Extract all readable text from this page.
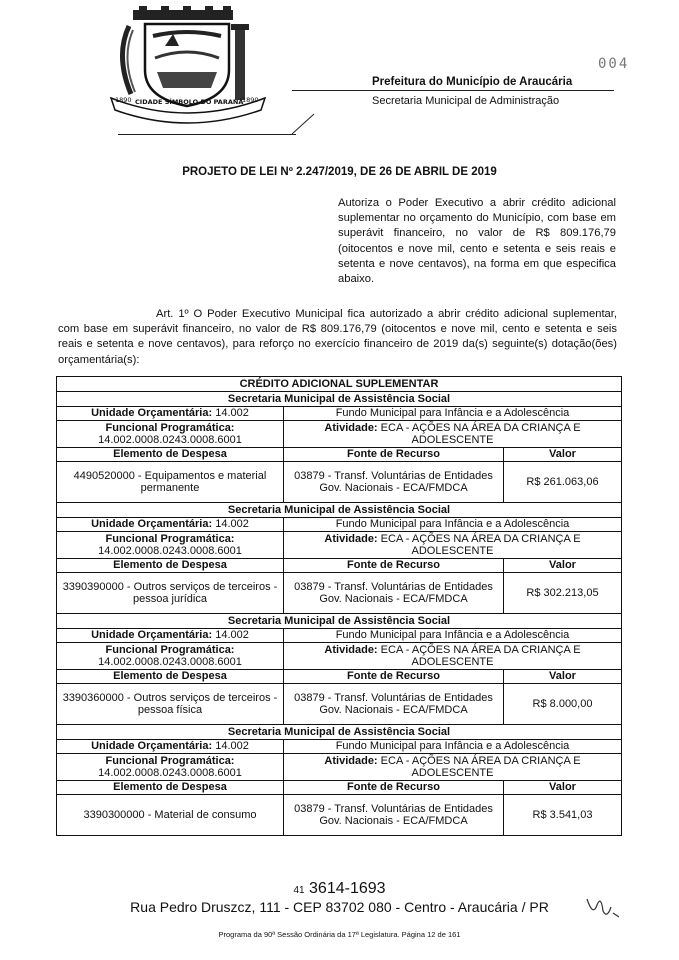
1890 CIDADE SÍMBOLO DO PARANÁ
1890
Prefeitura do Município de Araucária
Secretaria Municipal de Administração
004
PROJETO DE LEI Nº 2.247/2019, DE 26 DE ABRIL DE 2019
Autoriza o Poder Executivo a abrir crédito adicional suplementar no orçamento do Município, com base em superávit financeiro, no valor de R$ 809.176,79 (oitocentos e nove mil, cento e setenta e seis reais e setenta e nove centavos), na forma em que especifica abaixo.
Art. 1º O Poder Executivo Municipal fica autorizado a abrir crédito adicional suplementar, com base em superávit financeiro, no valor de R$ 809.176,79 (oitocentos e nove mil, cento e setenta e seis reais e setenta e nove centavos), para reforço no exercício financeiro de 2019 da(s) seguinte(s) dotação(ões) orçamentária(s):
CRÉDITO ADICIONAL SUPLEMENTAR		
Secretaria Municipal de Assistência Social		
Unidade Orçamentária: 14.002	Fundo Municipal para Infância e a Adolescência	
Funcional Programática:
14.002.0008.0243.0008.6001	Atividade: ECA - AÇÕES NA ÁREA DA CRIANÇA E ADOLESCENTE	
Elemento de Despesa	Fonte de Recurso	Valor
4490520000 - Equipamentos e material permanente	03879 - Transf. Voluntárias de Entidades Gov. Nacionais - ECA/FMDCA	R$ 261.063,06
Secretaria Municipal de Assistência Social		
Unidade Orçamentária: 14.002	Fundo Municipal para Infância e a Adolescência	
Funcional Programática:
14.002.0008.0243.0008.6001	Atividade: ECA - AÇÕES NA ÁREA DA CRIANÇA E ADOLESCENTE	
Elemento de Despesa	Fonte de Recurso	Valor
3390390000 - Outros serviços de terceiros - pessoa jurídica	03879 - Transf. Voluntárias de Entidades Gov. Nacionais - ECA/FMDCA	R$ 302.213,05
Secretaria Municipal de Assistência Social		
Unidade Orçamentária: 14.002	Fundo Municipal para Infância e a Adolescência	
Funcional Programática:
14.002.0008.0243.0008.6001	Atividade: ECA - AÇÕES NA ÁREA DA CRIANÇA E ADOLESCENTE	
Elemento de Despesa	Fonte de Recurso	Valor
3390360000 - Outros serviços de terceiros - pessoa física	03879 - Transf. Voluntárias de Entidades Gov. Nacionais - ECA/FMDCA	R$ 8.000,00
Secretaria Municipal de Assistência Social		
Unidade Orçamentária: 14.002	Fundo Municipal para Infância e a Adolescência	
Funcional Programática:
14.002.0008.0243.0008.6001	Atividade: ECA - AÇÕES NA ÁREA DA CRIANÇA E ADOLESCENTE	
Elemento de Despesa	Fonte de Recurso	Valor
3390300000 - Material de consumo	03879 - Transf. Voluntárias de Entidades Gov. Nacionais - ECA/FMDCA	R$ 3.541,03
41 3614-1693
Rua Pedro Druszcz, 111 - CEP 83702 080 - Centro - Araucária / PR
Programa da 90ª Sessão Ordinária da 17ª Legislatura. Página 12 de 161
